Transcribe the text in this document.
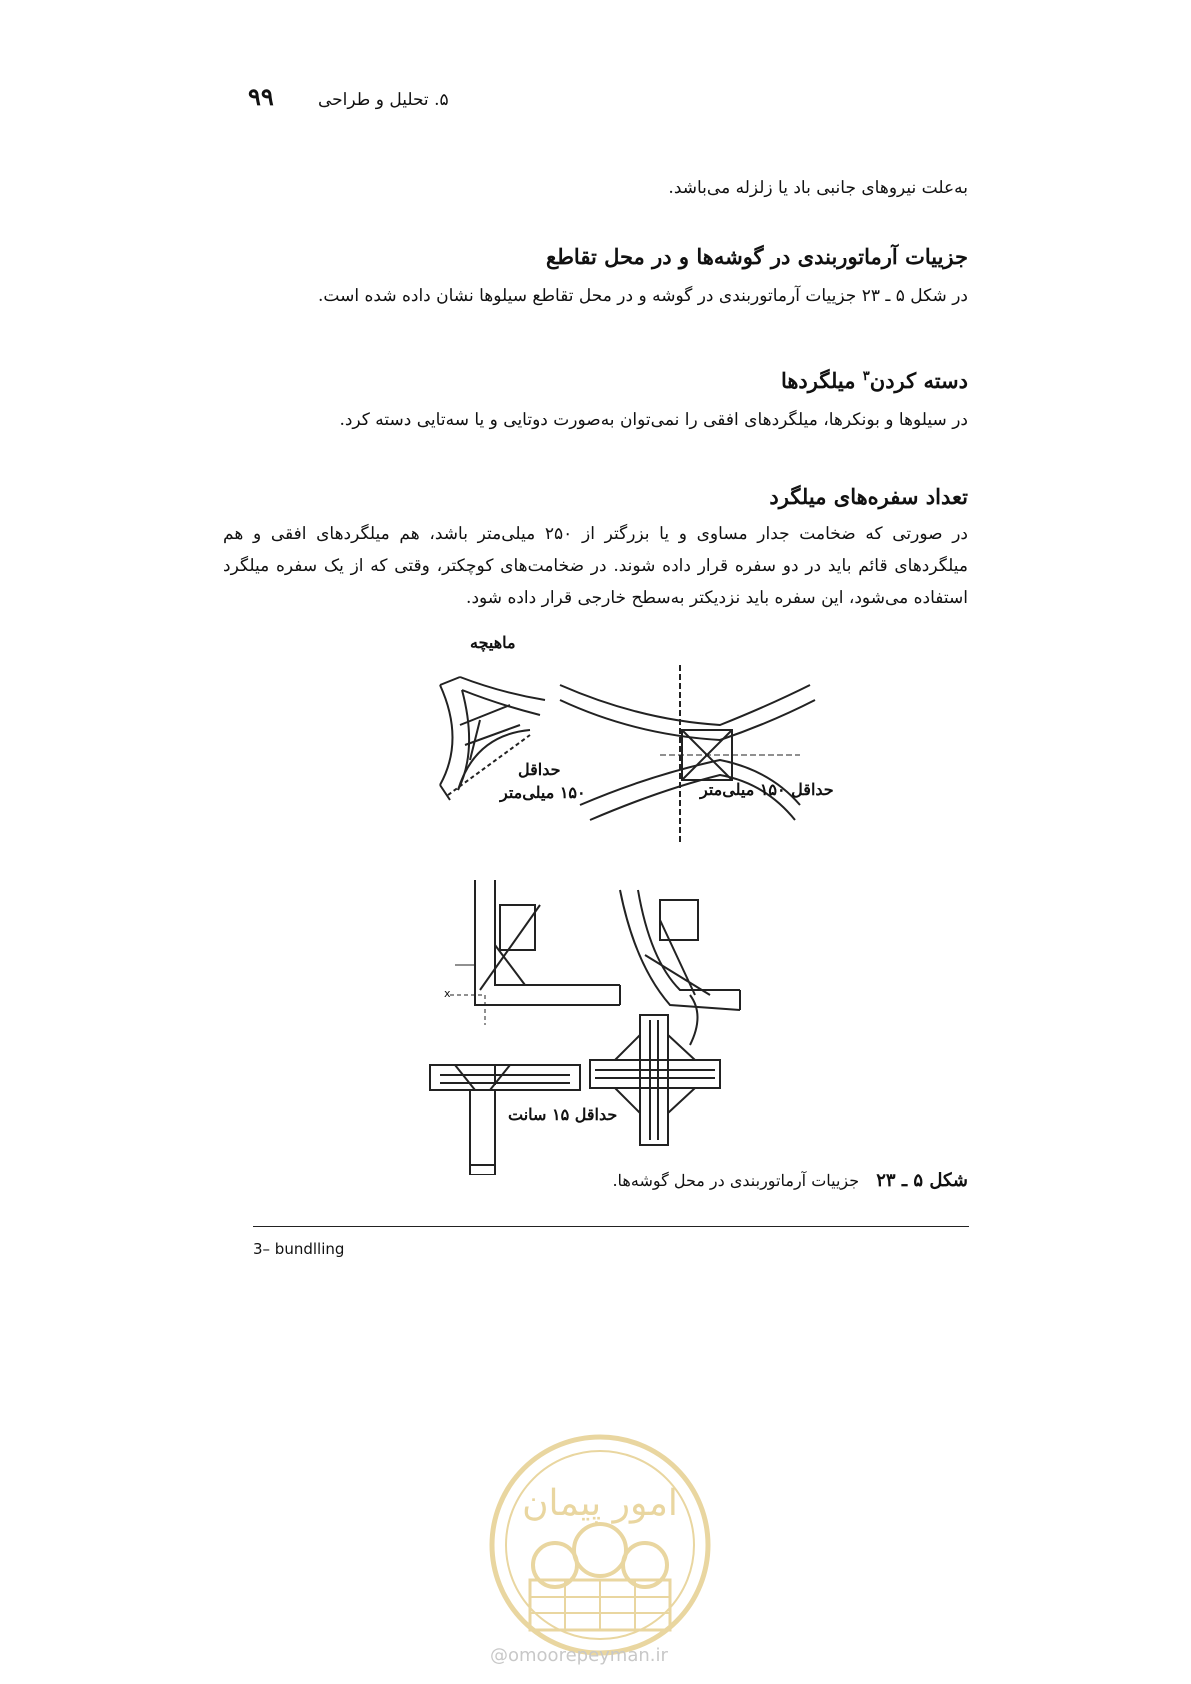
۹۹	۵. تحلیل و طراحی
به‌علت نیروهای جانبی باد یا زلزله می‌باشد.
جزییات آرماتوربندی در گوشه‌ها و در محل تقاطع
در شکل ۵ ـ ۲۳ جزییات آرماتوربندی در گوشه و در محل تقاطع سیلوها نشان داده شده است.
دسته کردن$^۳$ میلگردها
در سیلوها و بونکرها، میلگردهای افقی را نمی‌توان به‌صورت دوتایی و یا سه‌تایی دسته کرد.
تعداد سفره‌های میلگرد
در صورتی که ضخامت جدار مساوی و یا بزرگتر از ۲۵۰ میلی‌متر باشد، هم میلگردهای افقی و هم میلگردهای قائم باید در دو سفره قرار داده شوند. در ضخامت‌های کوچکتر، وقتی که از یک سفره میلگرد استفاده می‌شود، این سفره باید نزدیکتر به‌سطح خارجی قرار داده شود.
ماهیچه
حداقل
۱۵۰ میلی‌متر	حداقل ۱۵۰ میلی‌متر
حداقل ۱۵ سانت
x
شکل ۵ ـ ۲۳ جزییات آرماتوربندی در محل گوشه‌ها.
3– bundlling
امور پیمان
@omoorepeyman.ir
